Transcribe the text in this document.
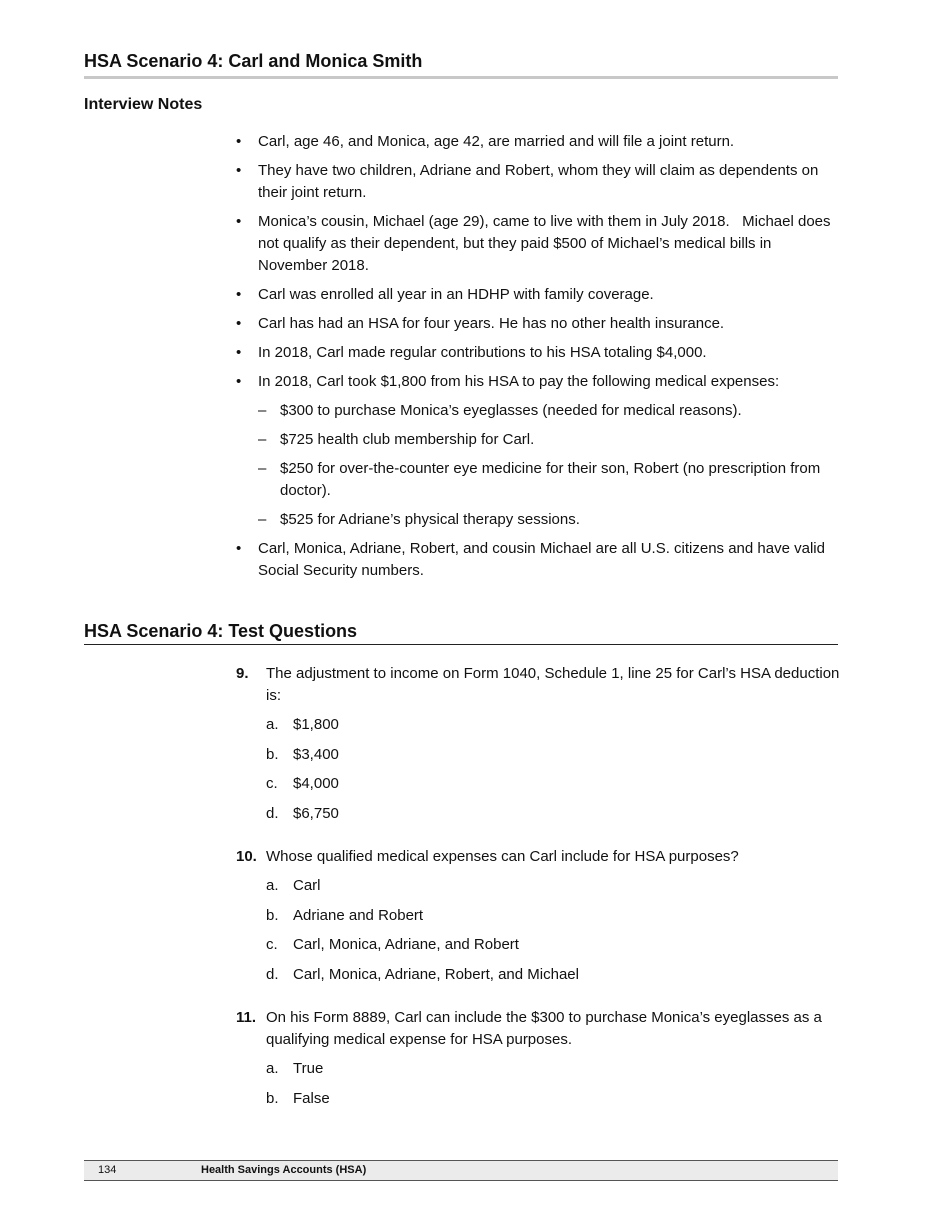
HSA Scenario 4: Carl and Monica Smith
Interview Notes
• Carl, age 46, and Monica, age 42, are married and will file a joint return.
• They have two children, Adriane and Robert, whom they will claim as dependents on their joint return.
• Monica’s cousin, Michael (age 29), came to live with them in July 2018.   Michael does not qualify as their dependent, but they paid $500 of Michael’s medical bills in November 2018.
• Carl was enrolled all year in an HDHP with family coverage.
• Carl has had an HSA for four years. He has no other health insurance.
• In 2018, Carl made regular contributions to his HSA totaling $4,000.
• In 2018, Carl took $1,800 from his HSA to pay the following medical expenses:
– $300 to purchase Monica’s eyeglasses (needed for medical reasons).
– $725 health club membership for Carl.
– $250 for over-the-counter eye medicine for their son, Robert (no prescription from doctor).
– $525 for Adriane’s physical therapy sessions.
• Carl, Monica, Adriane, Robert, and cousin Michael are all U.S. citizens and have valid Social Security numbers.
HSA Scenario 4: Test Questions
9. The adjustment to income on Form 1040, Schedule 1, line 25 for Carl’s HSA deduction is:
a. $1,800
b. $3,400
c. $4,000
d. $6,750
10. Whose qualified medical expenses can Carl include for HSA purposes?
a. Carl
b. Adriane and Robert
c. Carl, Monica, Adriane, and Robert
d. Carl, Monica, Adriane, Robert, and Michael
11. On his Form 8889, Carl can include the $300 to purchase Monica’s eyeglasses as a qualifying medical expense for HSA purposes.
a. True
b. False
134	Health Savings Accounts (HSA)
